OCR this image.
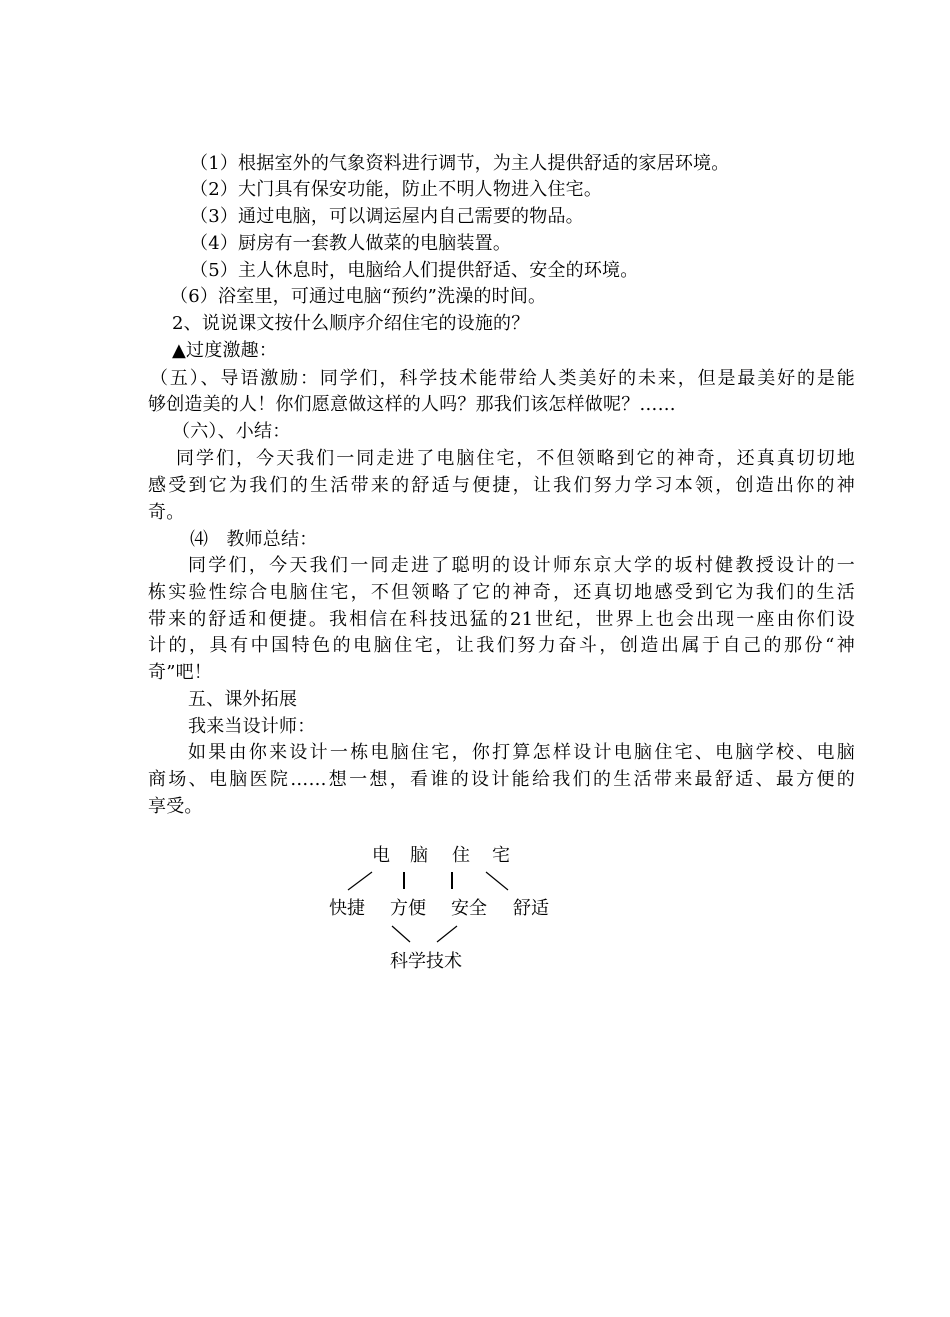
（1）根据室外的气象资料进行调节，为主人提供舒适的家居环境。
（2）大门具有保安功能，防止不明人物进入住宅。
（3）通过电脑，可以调运屋内自己需要的物品。
（4）厨房有一套教人做菜的电脑装置。
（5）主人休息时，电脑给人们提供舒适、安全的环境。
（6）浴室里，可通过电脑“预约”洗澡的时间。
2、说说课文按什么顺序介绍住宅的设施的？
▲过度激趣：
（五）、导语激励：同学们，科学技术能带给人类美好的未来，但是最美好的是能
够创造美的人！你们愿意做这样的人吗？那我们该怎样做呢？……
（六）、小结：
同学们，今天我们一同走进了电脑住宅，不但领略到它的神奇，还真真切切地
感受到它为我们的生活带来的舒适与便捷，让我们努力学习本领，创造出你的神
奇。
⑷　教师总结：
同学们，今天我们一同走进了聪明的设计师东京大学的坂村健教授设计的一
栋实验性综合电脑住宅，不但领略了它的神奇，还真切地感受到它为我们的生活
带来的舒适和便捷。我相信在科技迅猛的21世纪，世界上也会出现一座由你们设
计的，具有中国特色的电脑住宅，让我们努力奋斗，创造出属于自己的那份“神
奇”吧！
五、课外拓展
我来当设计师：
如果由你来设计一栋电脑住宅，你打算怎样设计电脑住宅、电脑学校、电脑
商场、电脑医院……想一想，看谁的设计能给我们的生活带来最舒适、最方便的
享受。
电 脑 住 宅
快捷 方便 安全 舒适
科学技术
